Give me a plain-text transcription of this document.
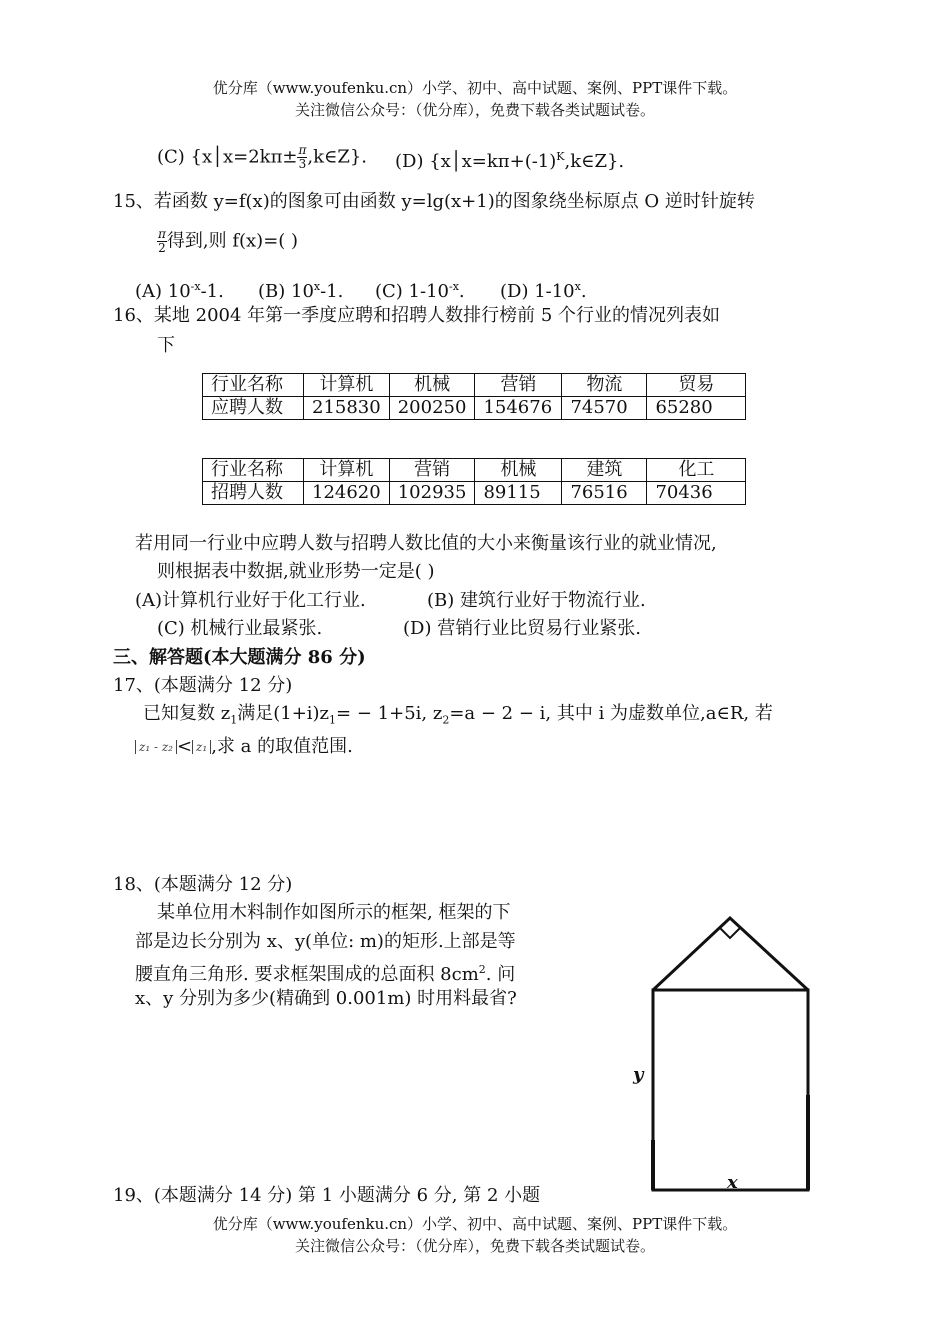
优分库（www.youfenku.cn）小学、初中、高中试题、案例、PPT课件下载。
关注微信公众号：（优分库），免费下载各类试题试卷。
(C) {x│x=2kπ± $\frac{\pi}{3}$ ,k∈Z}. (D) $\{x│x=k\pi+(-1)^K,k\in Z\}$.
15、若函数 y=f(x)的图象可由函数 y=lg(x+1)的图象绕坐标原点 O 逆时针旋转
$\frac{\pi}{2}$ 得到,则 f(x)=( )
(A) $10^{-x}-1$. (B) 10$^x$-1. (C) $1-10^{-x}$. (D) 1-10$^x$.
16、某地 2004 年第一季度应聘和招聘人数排行榜前 5 个行业的情况列表如
下
行业名称	计算机	机械	营销	物流	贸易
应聘人数	215830	200250	154676	74570	65280
行业名称	计算机	营销	机械	建筑	化工
招聘人数	124620	102935	89115	76516	70436
若用同一行业中应聘人数与招聘人数比值的大小来衡量该行业的就业情况,
则根据表中数据,就业形势一定是( )
(A)计算机行业好于化工行业.	(B) 建筑行业好于物流行业.
(C) 机械行业最紧张.	(D) 营销行业比贸易行业紧张.
三、解答题(本大题满分 86 分)
17、(本题满分 12 分)
已知复数 $z_1$满足$(1+i)z_1= - 1+5i$, $z_2=a - 2 - i$, 其中 i 为虚数单位,a∈R, 若
z₁ - z₂ < z₁ ,求 a 的取值范围.
18、(本题满分 12 分)
某单位用木料制作如图所示的框架, 框架的下
部是边长分别为 x、y(单位: m)的矩形.上部是等
腰直角三角形. 要求框架围成的总面积 $8cm^2$. 问
x、y 分别为多少(精确到 0.001m) 时用料最省?
y
x
19、(本题满分 14 分) 第 1 小题满分 6 分, 第 2 小题
优分库（www.youfenku.cn）小学、初中、高中试题、案例、PPT课件下载。
关注微信公众号：（优分库），免费下载各类试题试卷。
